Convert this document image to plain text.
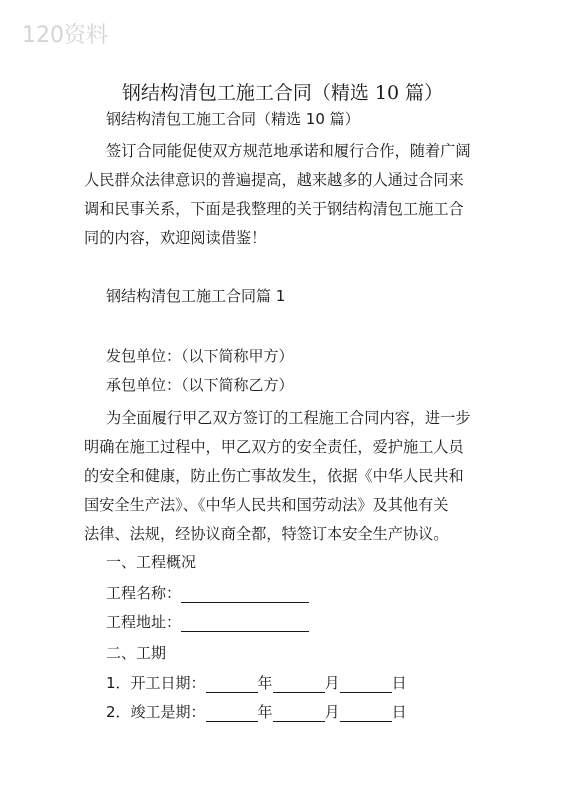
120资料
钢结构清包工施工合同（精选 10 篇）
钢结构清包工施工合同（精选 10 篇）
签订合同能促使双方规范地承诺和履行合作，随着广阔
人民群众法律意识的普遍提高，越来越多的人通过合同来
调和民事关系，下面是我整理的关于钢结构清包工施工合
同的内容，欢迎阅读借鉴！
钢结构清包工施工合同篇 1
发包单位：（以下简称甲方）
承包单位：（以下简称乙方）
为全面履行甲乙双方签订的工程施工合同内容，进一步
明确在施工过程中，甲乙双方的安全责任，爱护施工人员
的安全和健康，防止伤亡事故发生，依据《中华人民共和
国安全生产法》、《中华人民共和国劳动法》及其他有关
法律、法规，经协议商全都，特签订本安全生产协议。
一、工程概况
工程名称：
工程地址：
二、工期
1．开工日期：	年	月	日
2．竣工是期：	年	月	日
